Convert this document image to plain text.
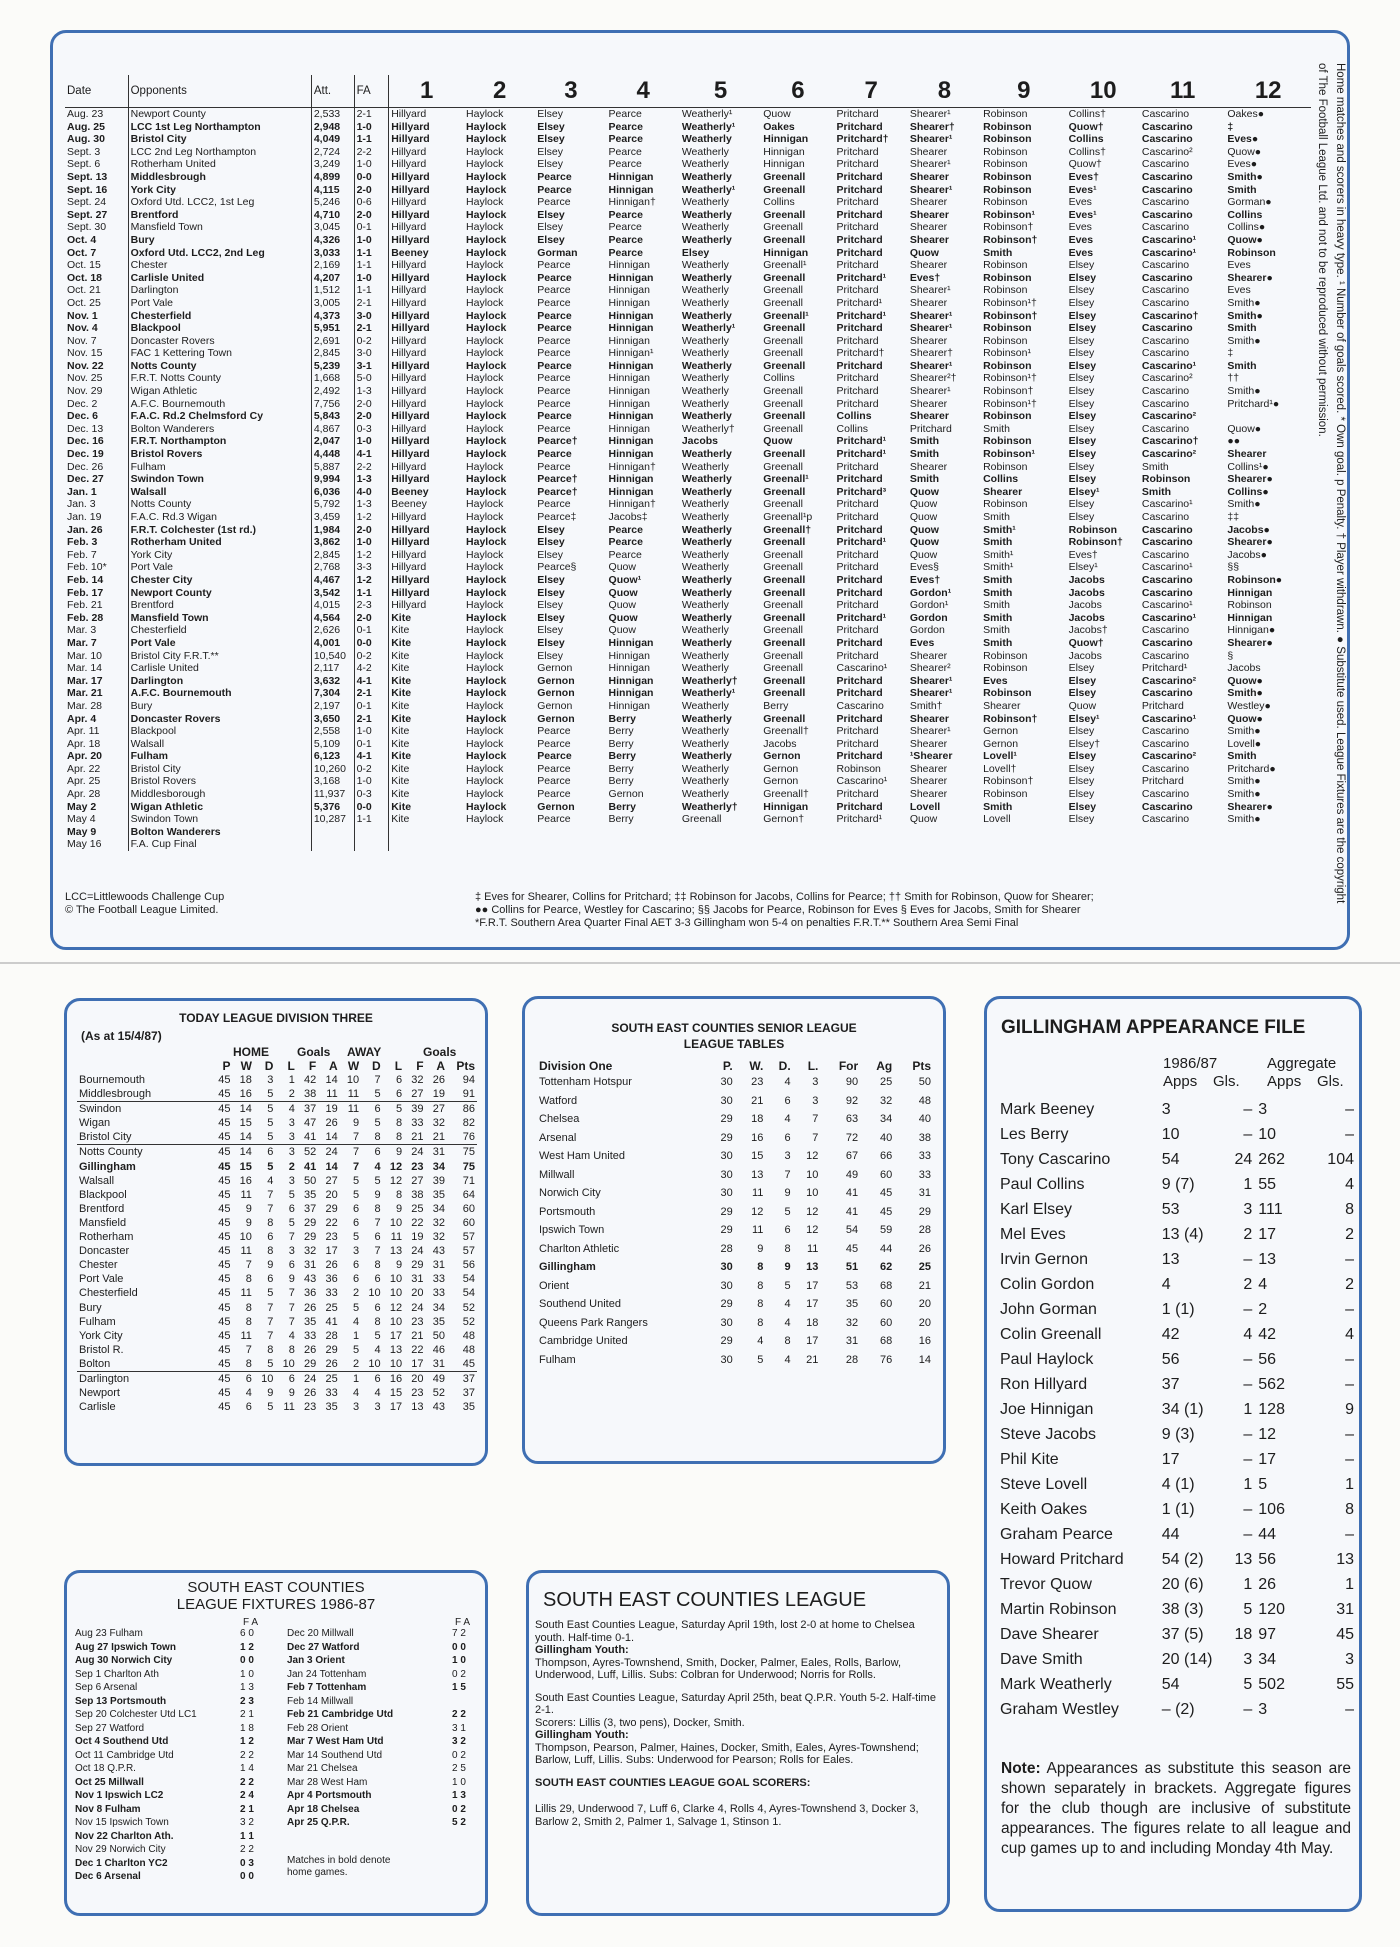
Date	Opponents	Att.	FA	1	2	3	4	5	6	7	8	9	10	11	12
Aug. 23	Newport County	2,533	2-1	Hillyard	Haylock	Elsey	Pearce	Weatherly¹	Quow	Pritchard	Shearer¹	Robinson	Collins†	Cascarino	Oakes●
Aug. 25	LCC 1st Leg Northampton	2,948	1-0	Hillyard	Haylock	Elsey	Pearce	Weatherly¹	Oakes	Pritchard	Shearer†	Robinson	Quow†	Cascarino	‡
Aug. 30	Bristol City	4,049	1-1	Hillyard	Haylock	Elsey	Pearce	Weatherly	Hinnigan	Pritchard†	Shearer¹	Robinson	Collins	Cascarino	Eves●
Sept. 3	LCC 2nd Leg Northampton	2,724	2-2	Hillyard	Haylock	Elsey	Pearce	Weatherly	Hinnigan	Pritchard	Shearer	Robinson	Collins†	Cascarino²	Quow●
Sept. 6	Rotherham United	3,249	1-0	Hillyard	Haylock	Elsey	Pearce	Weatherly	Hinnigan	Pritchard	Shearer¹	Robinson	Quow†	Cascarino	Eves●
Sept. 13	Middlesbrough	4,899	0-0	Hillyard	Haylock	Pearce	Hinnigan	Weatherly	Greenall	Pritchard	Shearer	Robinson	Eves†	Cascarino	Smith●
Sept. 16	York City	4,115	2-0	Hillyard	Haylock	Pearce	Hinnigan	Weatherly¹	Greenall	Pritchard	Shearer¹	Robinson	Eves¹	Cascarino	Smith
Sept. 24	Oxford Utd. LCC2, 1st Leg	5,246	0-6	Hillyard	Haylock	Pearce	Hinnigan†	Weatherly	Collins	Pritchard	Shearer	Robinson	Eves	Cascarino	Gorman●
Sept. 27	Brentford	4,710	2-0	Hillyard	Haylock	Elsey	Pearce	Weatherly	Greenall	Pritchard	Shearer	Robinson¹	Eves¹	Cascarino	Collins
Sept. 30	Mansfield Town	3,045	0-1	Hillyard	Haylock	Elsey	Pearce	Weatherly	Greenall	Pritchard	Shearer	Robinson†	Eves	Cascarino	Collins●
Oct. 4	Bury	4,326	1-0	Hillyard	Haylock	Elsey	Pearce	Weatherly	Greenall	Pritchard	Shearer	Robinson†	Eves	Cascarino¹	Quow●
Oct. 7	Oxford Utd. LCC2, 2nd Leg	3,033	1-1	Beeney	Haylock	Gorman	Pearce	Elsey	Hinnigan	Pritchard	Quow	Smith	Eves	Cascarino¹	Robinson
Oct. 15	Chester	2,169	1-1	Hillyard	Haylock	Pearce	Hinnigan	Weatherly	Greenall¹	Pritchard	Shearer	Robinson	Elsey	Cascarino	Eves
Oct. 18	Carlisle United	4,207	1-0	Hillyard	Haylock	Pearce	Hinnigan	Weatherly	Greenall	Pritchard¹	Eves†	Robinson	Elsey	Cascarino	Shearer●
Oct. 21	Darlington	1,512	1-1	Hillyard	Haylock	Pearce	Hinnigan	Weatherly	Greenall	Pritchard	Shearer¹	Robinson	Elsey	Cascarino	Eves
Oct. 25	Port Vale	3,005	2-1	Hillyard	Haylock	Pearce	Hinnigan	Weatherly	Greenall	Pritchard¹	Shearer	Robinson¹†	Elsey	Cascarino	Smith●
Nov. 1	Chesterfield	4,373	3-0	Hillyard	Haylock	Pearce	Hinnigan	Weatherly	Greenall¹	Pritchard¹	Shearer¹	Robinson†	Elsey	Cascarino†	Smith●
Nov. 4	Blackpool	5,951	2-1	Hillyard	Haylock	Pearce	Hinnigan	Weatherly¹	Greenall	Pritchard	Shearer¹	Robinson	Elsey	Cascarino	Smith
Nov. 7	Doncaster Rovers	2,691	0-2	Hillyard	Haylock	Pearce	Hinnigan	Weatherly	Greenall	Pritchard	Shearer	Robinson	Elsey	Cascarino	Smith●
Nov. 15	FAC 1 Kettering Town	2,845	3-0	Hillyard	Haylock	Pearce	Hinnigan¹	Weatherly	Greenall	Pritchard†	Shearer†	Robinson¹	Elsey	Cascarino	‡
Nov. 22	Notts County	5,239	3-1	Hillyard	Haylock	Pearce	Hinnigan	Weatherly	Greenall	Pritchard	Shearer¹	Robinson	Elsey	Cascarino¹	Smith
Nov. 25	F.R.T. Notts County	1,668	5-0	Hillyard	Haylock	Pearce	Hinnigan	Weatherly	Collins	Pritchard	Shearer²†	Robinson¹†	Elsey	Cascarino²	††
Nov. 29	Wigan Athletic	2,492	1-3	Hillyard	Haylock	Pearce	Hinnigan	Weatherly	Greenall	Pritchard	Shearer¹	Robinson†	Elsey	Cascarino	Smith●
Dec. 2	A.F.C. Bournemouth	7,756	2-0	Hillyard	Haylock	Pearce	Hinnigan	Weatherly	Greenall	Pritchard	Shearer	Robinson¹†	Elsey	Cascarino	Pritchard¹●
Dec. 6	F.A.C. Rd.2 Chelmsford Cy	5,843	2-0	Hillyard	Haylock	Pearce	Hinnigan	Weatherly	Greenall	Collins	Shearer	Robinson	Elsey	Cascarino²	
Dec. 13	Bolton Wanderers	4,867	0-3	Hillyard	Haylock	Pearce	Hinnigan	Weatherly†	Greenall	Collins	Pritchard	Smith	Elsey	Cascarino	Quow●
Dec. 16	F.R.T. Northampton	2,047	1-0	Hillyard	Haylock	Pearce†	Hinnigan	Jacobs	Quow	Pritchard¹	Smith	Robinson	Elsey	Cascarino†	●●
Dec. 19	Bristol Rovers	4,448	4-1	Hillyard	Haylock	Pearce	Hinnigan	Weatherly	Greenall	Pritchard¹	Smith	Robinson¹	Elsey	Cascarino²	Shearer
Dec. 26	Fulham	5,887	2-2	Hillyard	Haylock	Pearce	Hinnigan†	Weatherly	Greenall	Pritchard	Shearer	Robinson	Elsey	Smith	Collins¹●
Dec. 27	Swindon Town	9,994	1-3	Hillyard	Haylock	Pearce†	Hinnigan	Weatherly	Greenall¹	Pritchard	Smith	Collins	Elsey	Robinson	Shearer●
Jan. 1	Walsall	6,036	4-0	Beeney	Haylock	Pearce†	Hinnigan	Weatherly	Greenall	Pritchard³	Quow	Shearer	Elsey¹	Smith	Collins●
Jan. 3	Notts County	5,792	1-3	Beeney	Haylock	Pearce	Hinnigan†	Weatherly	Greenall	Pritchard	Quow	Robinson	Elsey	Cascarino¹	Smith●
Jan. 19	F.A.C. Rd.3 Wigan	3,459	1-2	Hillyard	Haylock	Pearce‡	Jacobs‡	Weatherly	Greenall¹p	Pritchard	Quow	Smith	Elsey	Cascarino	‡‡
Jan. 26	F.R.T. Colchester (1st rd.)	1,984	2-0	Hillyard	Haylock	Elsey	Pearce	Weatherly	Greenall†	Pritchard	Quow	Smith¹	Robinson	Cascarino	Jacobs●
Feb. 3	Rotherham United	3,862	1-0	Hillyard	Haylock	Elsey	Pearce	Weatherly	Greenall	Pritchard¹	Quow	Smith	Robinson†	Cascarino	Shearer●
Feb. 7	York City	2,845	1-2	Hillyard	Haylock	Elsey	Pearce	Weatherly	Greenall	Pritchard	Quow	Smith¹	Eves†	Cascarino	Jacobs●
Feb. 10*	Port Vale	2,768	3-3	Hillyard	Haylock	Pearce§	Quow	Weatherly	Greenall	Pritchard	Eves§	Smith¹	Elsey¹	Cascarino¹	§§
Feb. 14	Chester City	4,467	1-2	Hillyard	Haylock	Elsey	Quow¹	Weatherly	Greenall	Pritchard	Eves†	Smith	Jacobs	Cascarino	Robinson●
Feb. 17	Newport County	3,542	1-1	Hillyard	Haylock	Elsey	Quow	Weatherly	Greenall	Pritchard	Gordon¹	Smith	Jacobs	Cascarino	Hinnigan
Feb. 21	Brentford	4,015	2-3	Hillyard	Haylock	Elsey	Quow	Weatherly	Greenall	Pritchard	Gordon¹	Smith	Jacobs	Cascarino¹	Robinson
Feb. 28	Mansfield Town	4,564	2-0	Kite	Haylock	Elsey	Quow	Weatherly	Greenall	Pritchard¹	Gordon	Smith	Jacobs	Cascarino¹	Hinnigan
Mar. 3	Chesterfield	2,626	0-1	Kite	Haylock	Elsey	Quow	Weatherly	Greenall	Pritchard	Gordon	Smith	Jacobs†	Cascarino	Hinnigan●
Mar. 7	Port Vale	4,001	0-0	Kite	Haylock	Elsey	Hinnigan	Weatherly	Greenall	Pritchard	Eves	Smith	Quow†	Cascarino	Shearer●
Mar. 10	Bristol City F.R.T.**	10,540	0-2	Kite	Haylock	Elsey	Hinnigan	Weatherly	Greenall	Pritchard	Shearer	Robinson	Jacobs	Cascarino	§
Mar. 14	Carlisle United	2,117	4-2	Kite	Haylock	Gernon	Hinnigan	Weatherly	Greenall	Cascarino¹	Shearer²	Robinson	Elsey	Pritchard¹	Jacobs
Mar. 17	Darlington	3,632	4-1	Kite	Haylock	Gernon	Hinnigan	Weatherly†	Greenall	Pritchard	Shearer¹	Eves	Elsey	Cascarino²	Quow●
Mar. 21	A.F.C. Bournemouth	7,304	2-1	Kite	Haylock	Gernon	Hinnigan	Weatherly¹	Greenall	Pritchard	Shearer¹	Robinson	Elsey	Cascarino	Smith●
Mar. 28	Bury	2,197	0-1	Kite	Haylock	Gernon	Hinnigan	Weatherly	Berry	Cascarino	Smith†	Shearer	Quow	Pritchard	Westley●
Apr. 4	Doncaster Rovers	3,650	2-1	Kite	Haylock	Gernon	Berry	Weatherly	Greenall	Pritchard	Shearer	Robinson†	Elsey¹	Cascarino¹	Quow●
Apr. 11	Blackpool	2,558	1-0	Kite	Haylock	Pearce	Berry	Weatherly	Greenall†	Pritchard	Shearer¹	Gernon	Elsey	Cascarino	Smith●
Apr. 18	Walsall	5,109	0-1	Kite	Haylock	Pearce	Berry	Weatherly	Jacobs	Pritchard	Shearer	Gernon	Elsey†	Cascarino	Lovell●
Apr. 20	Fulham	6,123	4-1	Kite	Haylock	Pearce	Berry	Weatherly	Gernon	Pritchard	¹Shearer	Lovell¹	Elsey	Cascarino²	Smith
Apr. 22	Bristol City	10,260	0-2	Kite	Haylock	Pearce	Berry	Weatherly	Gernon	Robinson	Shearer	Lovell†	Elsey	Cascarino	Pritchard●
Apr. 25	Bristol Rovers	3,168	1-0	Kite	Haylock	Pearce	Berry	Weatherly	Gernon	Cascarino¹	Shearer	Robinson†	Elsey	Pritchard	Smith●
Apr. 28	Middlesborough	11,937	0-3	Kite	Haylock	Pearce	Gernon	Weatherly	Greenall†	Pritchard	Shearer	Robinson	Elsey	Cascarino	Smith●
May 2	Wigan Athletic	5,376	0-0	Kite	Haylock	Gernon	Berry	Weatherly†	Hinnigan	Pritchard	Lovell	Smith	Elsey	Cascarino	Shearer●
May 4	Swindon Town	10,287	1-1	Kite	Haylock	Pearce	Berry	Greenall	Gernon†	Pritchard¹	Quow	Lovell	Elsey	Cascarino	Smith●
May 9	Bolton Wanderers														
May 16	F.A. Cup Final														
LCC=Littlewoods Challenge Cup
© The Football League Limited.
‡ Eves for Shearer, Collins for Pritchard; ‡‡ Robinson for Jacobs, Collins for Pearce; †† Smith for Robinson, Quow for Shearer;
●● Collins for Pearce, Westley for Cascarino; §§ Jacobs for Pearce, Robinson for Eves § Eves for Jacobs, Smith for Shearer
*F.R.T. Southern Area Quarter Final AET 3-3 Gillingham won 5-4 on penalties F.R.T.** Southern Area Semi Final
Home matches and scorers in heavy type. ¹ Number of goals scored. * Own goal. p Penalty. † Player withdrawn. ● Substitute used. League Fixtures are the copyright of The Football League Ltd. and not to be reproduced without permission.
TODAY LEAGUE DIVISION THREE
(As at 15/4/87)
HOME Goals AWAY	Goals
	P	W	D	L	F	A	W	D	L	F	A	Pts
Bournemouth	45	18	3	1	42	14	10	7	6	32	26	94
Middlesbrough	45	16	5	2	38	11	11	5	6	27	19	91
Swindon	45	14	5	4	37	19	11	6	5	39	27	86
Wigan	45	15	5	3	47	26	9	5	8	33	32	82
Bristol City	45	14	5	3	41	14	7	8	8	21	21	76
Notts County	45	14	6	3	52	24	7	6	9	24	31	75
Gillingham	45	15	5	2	41	14	7	4	12	23	34	75
Walsall	45	16	4	3	50	27	5	5	12	27	39	71
Blackpool	45	11	7	5	35	20	5	9	8	38	35	64
Brentford	45	9	7	6	37	29	6	8	9	25	34	60
Mansfield	45	9	8	5	29	22	6	7	10	22	32	60
Rotherham	45	10	6	7	29	23	5	6	11	19	32	57
Doncaster	45	11	8	3	32	17	3	7	13	24	43	57
Chester	45	7	9	6	31	26	6	8	9	29	31	56
Port Vale	45	8	6	9	43	36	6	6	10	31	33	54
Chesterfield	45	11	5	7	36	33	2	10	10	20	33	54
Bury	45	8	7	7	26	25	5	6	12	24	34	52
Fulham	45	8	7	7	35	41	4	8	10	23	35	52
York City	45	11	7	4	33	28	1	5	17	21	50	48
Bristol R.	45	7	8	8	26	29	5	4	13	22	46	48
Bolton	45	8	5	10	29	26	2	10	10	17	31	45
Darlington	45	6	10	6	24	25	1	6	16	20	49	37
Newport	45	4	9	9	26	33	4	4	15	23	52	37
Carlisle	45	6	5	11	23	35	3	3	17	13	43	35
SOUTH EAST COUNTIES SENIOR LEAGUE
LEAGUE TABLES
Division One	P.	W.	D.	L.	For	Ag	Pts
Tottenham Hotspur	30	23	4	3	90	25	50
Watford	30	21	6	3	92	32	48
Chelsea	29	18	4	7	63	34	40
Arsenal	29	16	6	7	72	40	38
West Ham United	30	15	3	12	67	66	33
Millwall	30	13	7	10	49	60	33
Norwich City	30	11	9	10	41	45	31
Portsmouth	29	12	5	12	41	45	29
Ipswich Town	29	11	6	12	54	59	28
Charlton Athletic	28	9	8	11	45	44	26
Gillingham	30	8	9	13	51	62	25
Orient	30	8	5	17	53	68	21
Southend United	29	8	4	17	35	60	20
Queens Park Rangers	30	8	4	18	32	60	20
Cambridge United	29	4	8	17	31	68	16
Fulham	30	5	4	21	28	76	14
GILLINGHAM APPEARANCE FILE
1986/87	Aggregate
Apps Gls. Apps Gls.
Mark Beeney	3	–	3	–
Les Berry	10	–	10	–
Tony Cascarino	54	24	262	104
Paul Collins	9 (7)	1	55	4
Karl Elsey	53	3	111	8
Mel Eves	13 (4)	2	17	2
Irvin Gernon	13	–	13	–
Colin Gordon	4	2	4	2
John Gorman	1 (1)	–	2	–
Colin Greenall	42	4	42	4
Paul Haylock	56	–	56	–
Ron Hillyard	37	–	562	–
Joe Hinnigan	34 (1)	1	128	9
Steve Jacobs	9 (3)	–	12	–
Phil Kite	17	–	17	–
Steve Lovell	4 (1)	1	5	1
Keith Oakes	1 (1)	–	106	8
Graham Pearce	44	–	44	–
Howard Pritchard	54 (2)	13	56	13
Trevor Quow	20 (6)	1	26	1
Martin Robinson	38 (3)	5	120	31
Dave Shearer	37 (5)	18	97	45
Dave Smith	20 (14)	3	34	3
Mark Weatherly	54	5	502	55
Graham Westley	– (2)	–	3	–
Note: Appearances as substitute this season are shown separately in brackets. Aggregate figures for the club though are inclusive of substitute appearances. The figures relate to all league and cup games up to and including Monday 4th May.
SOUTH EAST COUNTIES
LEAGUE FIXTURES 1986-87
F A	F A
Aug 23 Fulham	6 0
Aug 27 Ipswich Town	1 2
Aug 30 Norwich City	0 0
Sep 1 Charlton Ath	1 0
Sep 6 Arsenal	1 3
Sep 13 Portsmouth	2 3
Sep 20 Colchester Utd LC1	2 1
Sep 27 Watford	1 8
Oct 4 Southend Utd	1 2
Oct 11 Cambridge Utd	2 2
Oct 18 Q.P.R.	1 4
Oct 25 Millwall	2 2
Nov 1 Ipswich LC2	2 4
Nov 8 Fulham	2 1
Nov 15 Ipswich Town	3 2
Nov 22 Charlton Ath.	1 1
Nov 29 Norwich City	2 2
Dec 1 Charlton YC2	0 3
Dec 6 Arsenal	0 0
Dec 20 Millwall	7 2
Dec 27 Watford	0 0
Jan 3 Orient	1 0
Jan 24 Tottenham	0 2
Feb 7 Tottenham	1 5
Feb 14 Millwall	
Feb 21 Cambridge Utd	2 2
Feb 28 Orient	3 1
Mar 7 West Ham Utd	3 2
Mar 14 Southend Utd	0 2
Mar 21 Chelsea	2 5
Mar 28 West Ham	1 0
Apr 4 Portsmouth	1 3
Apr 18 Chelsea	0 2
Apr 25 Q.P.R.	5 2
Matches in bold denote home games.
SOUTH EAST COUNTIES LEAGUE
South East Counties League, Saturday April 19th, lost 2-0 at home to Chelsea youth. Half-time 0-1.
Gillingham Youth:
Thompson, Ayres-Townshend, Smith, Docker, Palmer, Eales, Rolls, Barlow, Underwood, Luff, Lillis. Subs: Colbran for Underwood; Norris for Rolls.
South East Counties League, Saturday April 25th, beat Q.P.R. Youth 5-2. Half-time 2-1.
Scorers: Lillis (3, two pens), Docker, Smith.
Gillingham Youth:
Thompson, Pearson, Palmer, Haines, Docker, Smith, Eales, Ayres-Townshend; Barlow, Luff, Lillis. Subs: Underwood for Pearson; Rolls for Eales.
SOUTH EAST COUNTIES LEAGUE GOAL SCORERS:
Lillis 29, Underwood 7, Luff 6, Clarke 4, Rolls 4, Ayres-Townshend 3, Docker 3, Barlow 2, Smith 2, Palmer 1, Salvage 1, Stinson 1.
